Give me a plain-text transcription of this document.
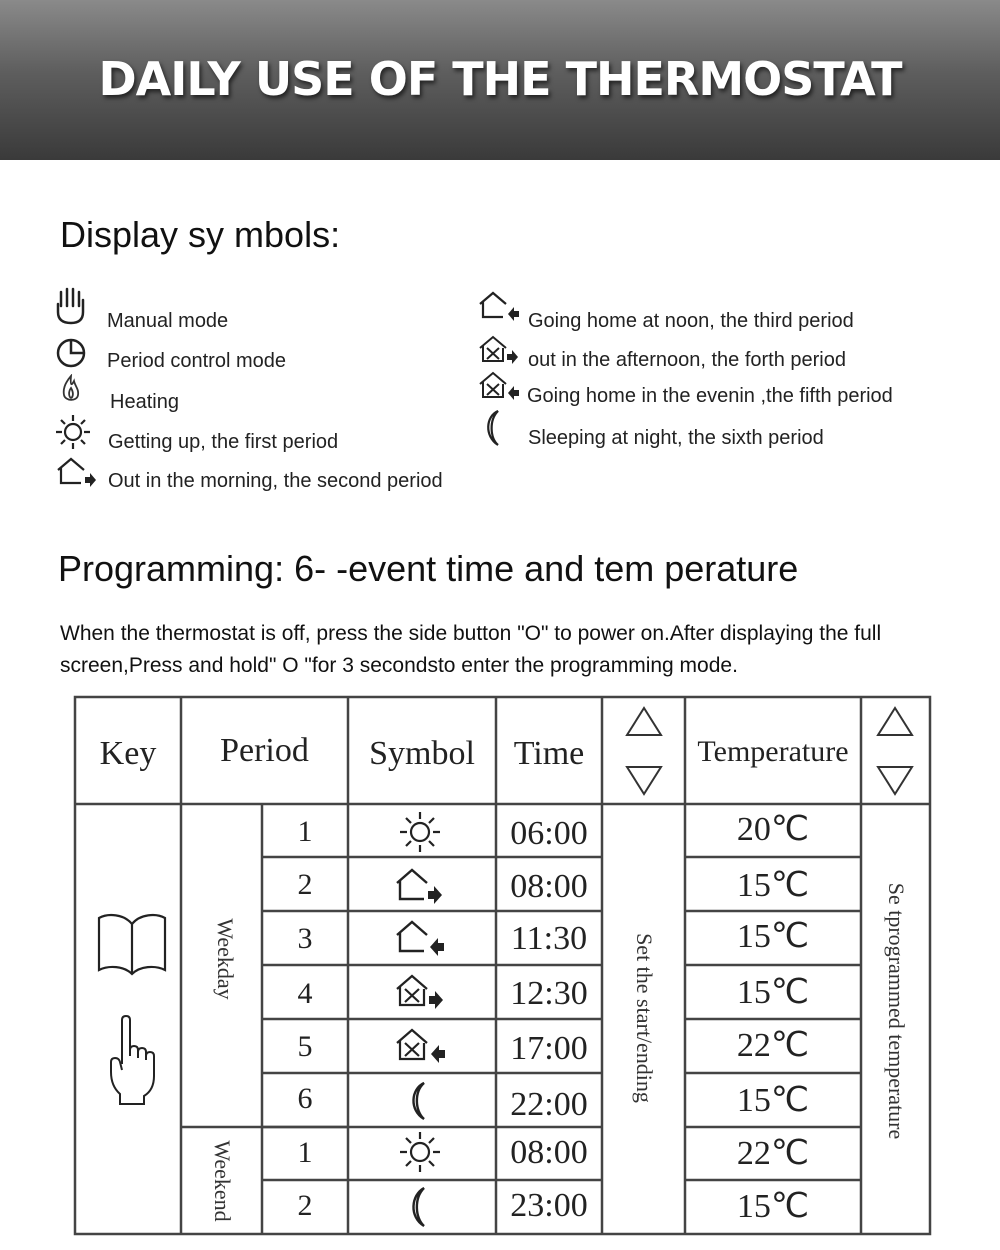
DAILY USE OF THE THERMOSTAT
Display sy mbols:
Manual mode
Period control mode
Heating
Getting up, the first period
Out in the morning, the second period
Going home at noon, the third period
out in the afternoon, the forth period
Going home in the evenin ,the fifth period
Sleeping at night, the sixth period
Programming: 6- -event time and tem perature
When the thermostat is off, press the side button "O" to power on.After displaying the full screen,Press and hold" O "for 3 secondsto enter the programming mode.
Key	Period	Symbol	Time	Temperature
Weekday
Weekend
Set the start/ending	Se tprogrammed temperature
1	06:00	20℃
2	08:00	15℃
3	11:30	15℃
4	12:30	15℃
5	17:00	22℃
6	22:00	15℃
1	08:00	22℃
2	23:00	15℃
